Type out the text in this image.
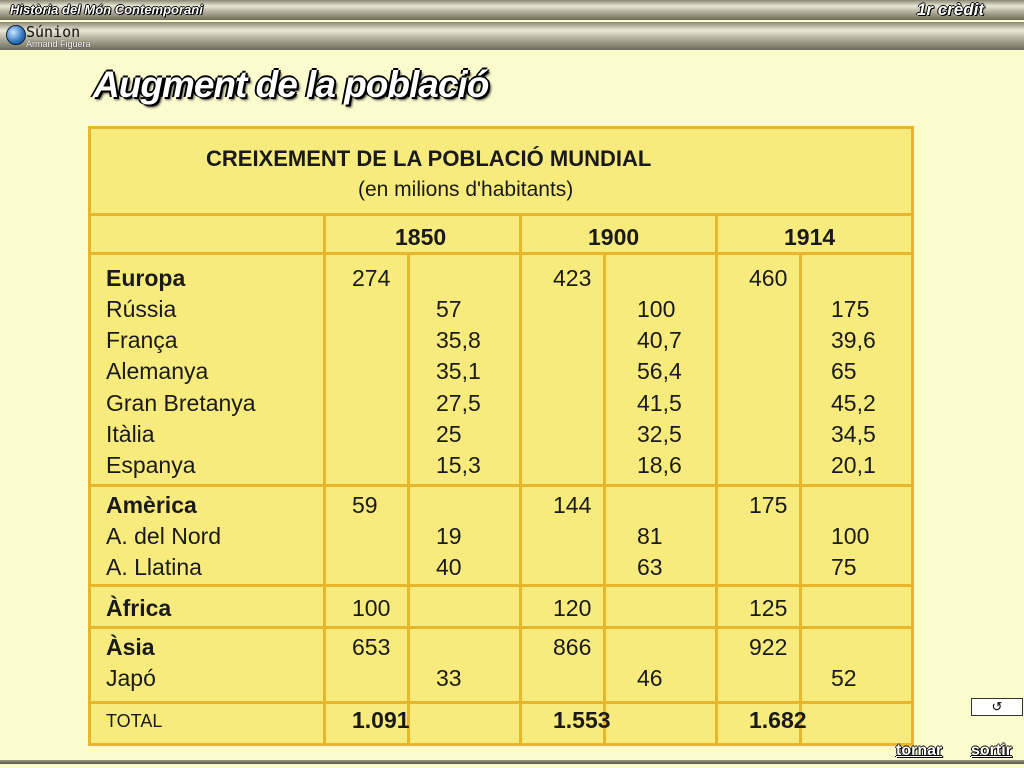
Història del Món Contemporani	1r crèdit
Súnion
Armand Figuera
Augment de la població
CREIXEMENT DE LA POBLACIÓ MUNDIAL
(en milions d'habitants)
1850	1900	1914
Europa	274	423	460
Rússia	57	100	175
França	35,8	40,7	39,6
Alemanya	35,1	56,4	65
Gran Bretanya	27,5	41,5	45,2
Itàlia	25	32,5	34,5
Espanya	15,3	18,6	20,1
Amèrica	59	144	175
A. del Nord	19	81	100
A. Llatina	40	63	75
Àfrica	100	120	125
Àsia	653	866	922
Japó	33	46	52
TOTAL	1.091	1.553	1.682
↺
tornar sortir
